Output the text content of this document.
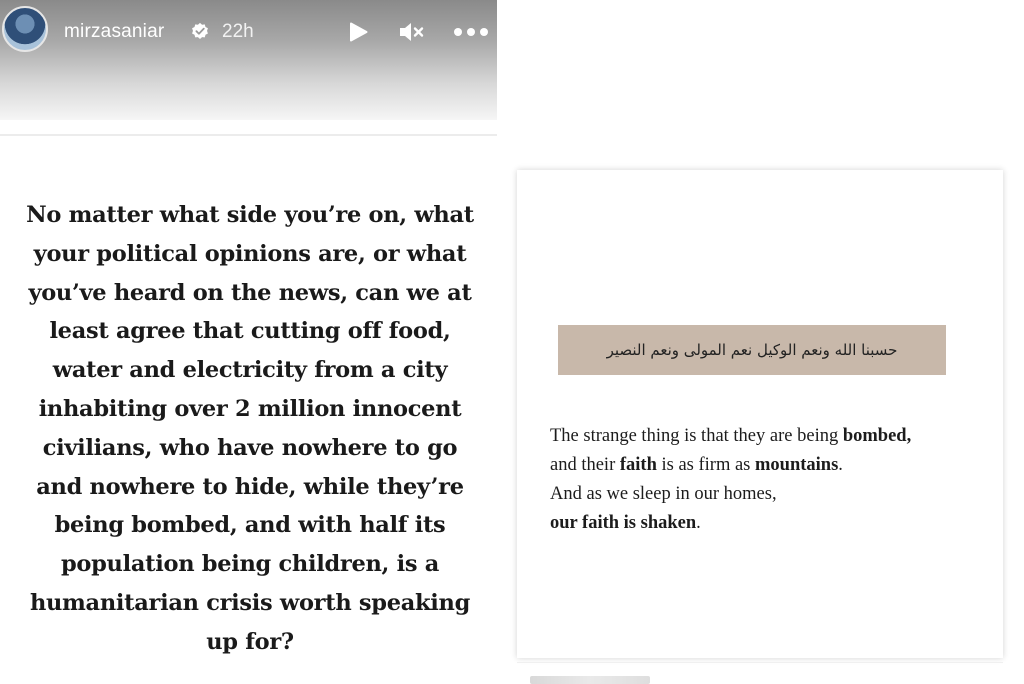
mirzasaniar	22h
No matter what side you’re on, what your political opinions are, or what you’ve heard on the news, can we at least agree that cutting off food, water and electricity from a city inhabiting over 2 million innocent civilians, who have nowhere to go and nowhere to hide, while they’re being bombed, and with half its population being children, is a humanitarian crisis worth speaking up for?
حسبنا الله ونعم الوكيل نعم المولى ونعم النصير
The strange thing is that they are being bombed,
and their faith is as firm as mountains.
And as we sleep in our homes,
our faith is shaken.
